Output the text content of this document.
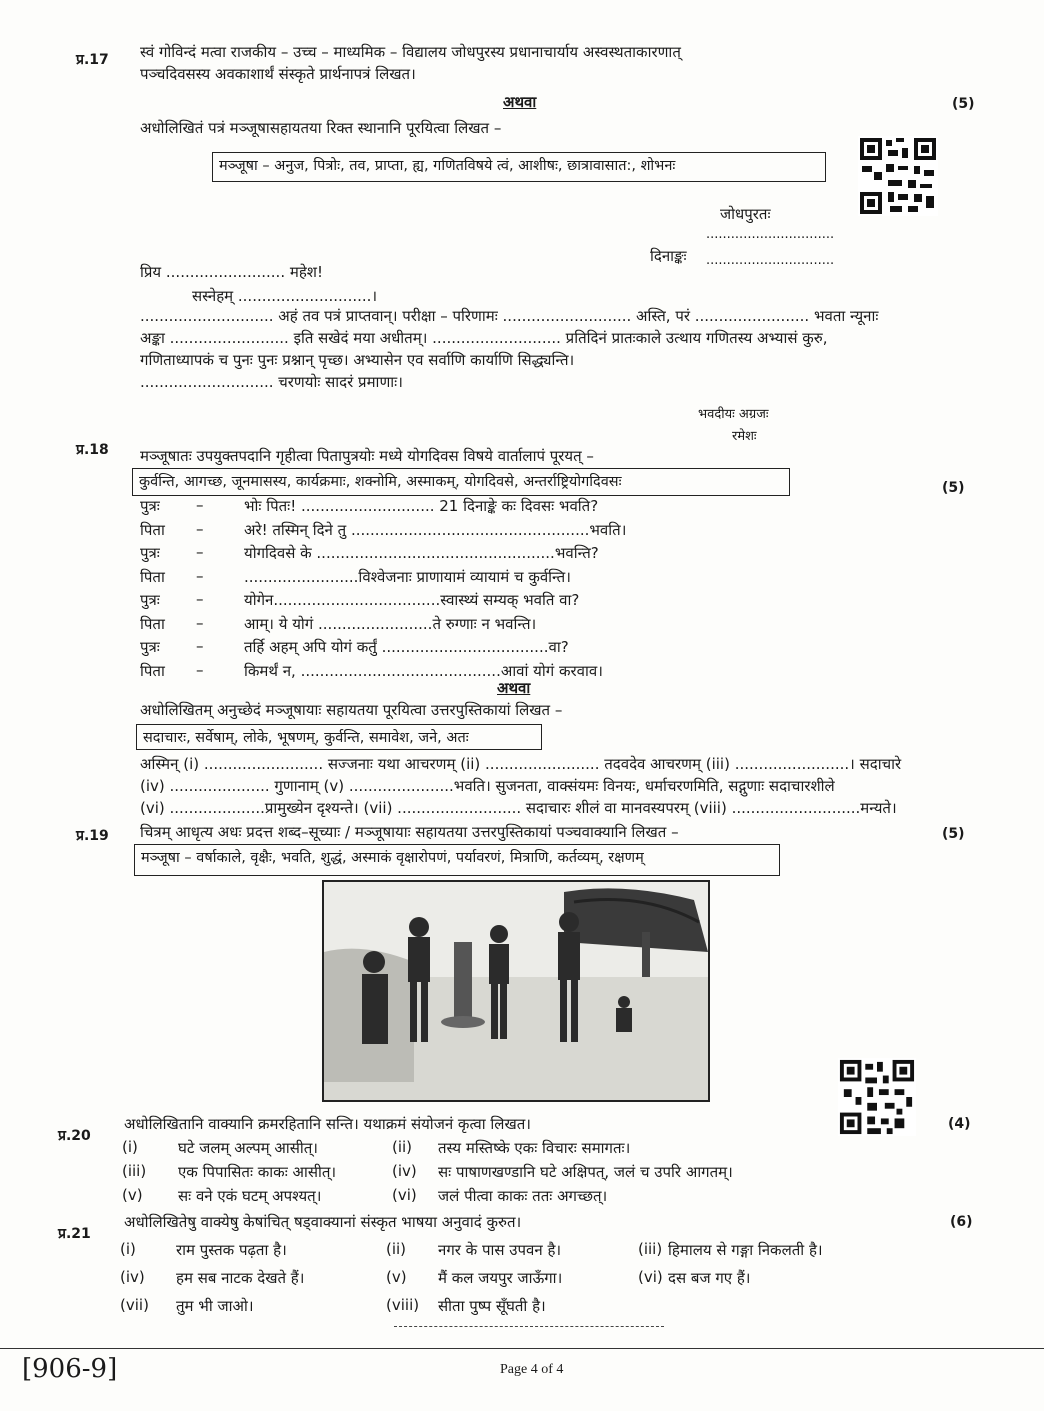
प्र.17 स्वं गोविन्दं मत्वा राजकीय – उच्च – माध्यमिक – विद्यालय जोधपुरस्य प्रधानाचार्याय अस्वस्थताकारणात्
पञ्चदिवसस्य अवकाशार्थं संस्कृते प्रार्थनापत्रं लिखत।
(5)
अथवा
अधोलिखितं पत्रं मञ्जूषासहायतया रिक्त स्थानानि पूरयित्वा लिखत –
मञ्जूषा – अनुज, पित्रोः, तव, प्राप्ता, ह्य, गणितविषये त्वं, आशीषः, छात्रावासात:, शोभनः
जोधपुरतः
...............................
दिनाङ्कः ...............................
प्रिय ......................... महेश!
सस्नेहम् ............................।
............................ अहं तव पत्रं प्राप्तवान्। परीक्षा – परिणामः ........................... अस्ति, परं ........................ भवता न्यूनाः
अङ्का ......................... इति सखेदं मया अधीतम्। ........................... प्रतिदिनं प्रातःकाले उत्थाय गणितस्य अभ्यासं कुरु,
गणिताध्यापकं च पुनः पुनः प्रश्नान् पृच्छ। अभ्यासेन एव सर्वाणि कार्याणि सिद्ध्यन्ति।
............................ चरणयोः सादरं प्रमाणाः।
भवदीयः अग्रजः
रमेशः
प्र.18 मञ्जूषातः उपयुक्तपदानि गृहीत्वा पितापुत्रयोः मध्ये योगदिवस विषये वार्तालापं पूरयत् –
(5)
कुर्वन्ति, आगच्छ, जूनमासस्य, कार्यक्रमाः, शक्नोमि, अस्माकम्, योगदिवसे, अन्तर्राष्ट्रियोगदिवसः
पुत्रः –	भोः पितः! ............................ 21 दिनाङ्के कः दिवसः भवति?
पिता –	अरे! तस्मिन् दिने तु ..................................................भवति।
पुत्रः –	योगदिवसे के ..................................................भवन्ति?
पिता –	........................विश्वेजनाः प्राणायामं व्यायामं च कुर्वन्ति।
पुत्रः –	योगेन...................................स्वास्थ्यं सम्यक् भवति वा?
पिता –	आम्। ये योगं ........................ते रुग्णाः न भवन्ति।
पुत्रः –	तर्हि अहम् अपि योगं कर्तुं ...................................वा?
पिता –	किमर्थं न, ..........................................आवां योगं करवाव।
अथवा
अधोलिखितम् अनुच्छेदं मञ्जूषायाः सहायतया पूरयित्वा उत्तरपुस्तिकायां लिखत –
सदाचारः, सर्वेषाम्, लोके, भूषणम्, कुर्वन्ति, समावेश, जने, अतः
अस्मिन् (i) ......................... सज्जनाः यथा आचरणम् (ii) ........................ तदवदेव आचरणम् (iii) ........................। सदाचारे
(iv) ..................... गुणानाम् (v) ......................भवति। सुजनता, वाक्संयमः विनयः, धर्माचरणमिति, सद्गुणाः सदाचारशीले
(vi) ....................प्रामुख्येन दृश्यन्ते। (vii) .......................... सदाचारः शीलं वा मानवस्यपरम् (viii) ...........................मन्यते।
प्र.19 चित्रम् आधृत्य अधः प्रदत्त शब्द–सूच्याः / मञ्जूषायाः सहायतया उत्तरपुस्तिकायां पञ्चवाक्यानि लिखत –	(5)
मञ्जूषा – वर्षाकाले, वृक्षैः, भवति, शुद्धं, अस्माकं वृक्षारोपणं, पर्यावरणं, मित्राणि, कर्तव्यम्, रक्षणम्
प्र.20
अधोलिखितानि वाक्यानि क्रमरहितानि सन्ति। यथाक्रमं संयोजनं कृत्वा लिखत।	(4)
(i)	घटे जलम् अल्पम् आसीत्।	(ii) तस्य मस्तिष्के एकः विचारः समागतः।
(iii) एक पिपासितः काकः आसीत्।	(iv) सः पाषाणखण्डानि घटे अक्षिपत्, जलं च उपरि आगतम्।
(v) सः वने एकं घटम् अपश्यत्।	(vi) जलं पीत्वा काकः ततः अगच्छत्।
प्र.21
अधोलिखितेषु वाक्येषु केषांचित् षड्वाक्यानां संस्कृत भाषया अनुवादं कुरुत।	(6)
(i)	राम पुस्तक पढ़ता है।	(ii) नगर के पास उपवन है।	(iii) हिमालय से गङ्गा निकलती है।
(iv) हम सब नाटक देखते हैं।	(v) मैं कल जयपुर जाऊँगा।	(vi) दस बज गए हैं।
(vii) तुम भी जाओ।	(viii) सीता पुष्प सूँघती है।
[906-9]	Page 4 of 4
